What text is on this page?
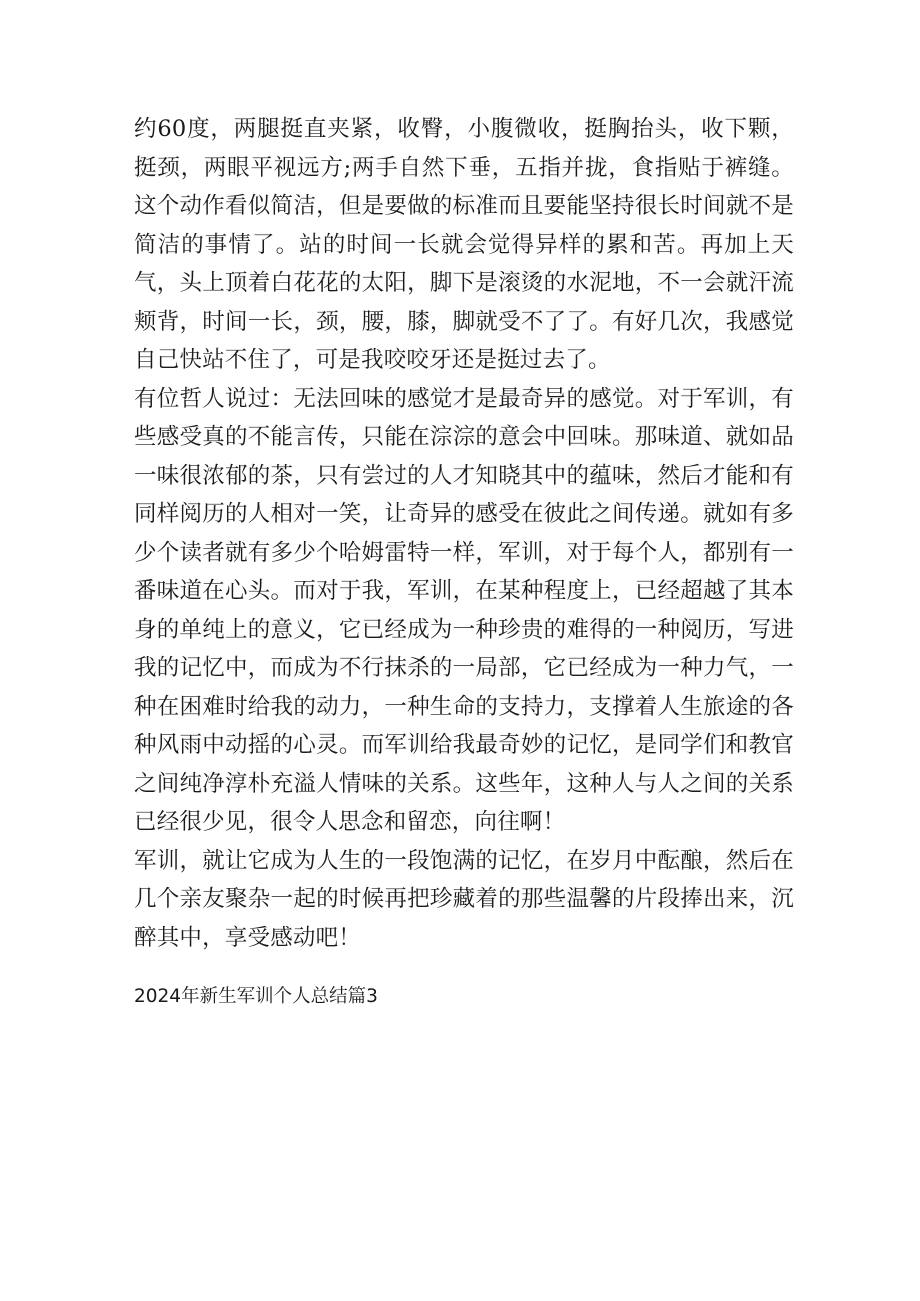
约60度，两腿挺直夹紧，收臀，小腹微收，挺胸抬头，收下颗，挺颈，两眼平视远方;两手自然下垂，五指并拢，食指贴于裤缝。这个动作看似简洁，但是要做的标准而且要能坚持很长时间就不是简洁的事情了。站的时间一长就会觉得异样的累和苦。再加上天气，头上顶着白花花的太阳，脚下是滚烫的水泥地，不一会就汗流颊背，时间一长，颈，腰，膝，脚就受不了了。有好几次，我感觉自己快站不住了，可是我咬咬牙还是挺过去了。

有位哲人说过：无法回味的感觉才是最奇异的感觉。对于军训，有些感受真的不能言传，只能在淙淙的意会中回味。那味道、就如品一味很浓郁的茶，只有尝过的人才知晓其中的蕴味，然后才能和有同样阅历的人相对一笑，让奇异的感受在彼此之间传递。就如有多少个读者就有多少个哈姆雷特一样，军训，对于每个人，都别有一番味道在心头。而对于我，军训，在某种程度上，已经超越了其本身的单纯上的意义，它已经成为一种珍贵的难得的一种阅历，写进我的记忆中，而成为不行抹杀的一局部，它已经成为一种力气，一种在困难时给我的动力，一种生命的支持力，支撑着人生旅途的各种风雨中动摇的心灵。而军训给我最奇妙的记忆，是同学们和教官之间纯净淳朴充溢人情味的关系。这些年，这种人与人之间的关系已经很少见，很令人思念和留恋，向往啊！

军训，就让它成为人生的一段饱满的记忆，在岁月中酝酿，然后在几个亲友聚杂一起的时候再把珍藏着的那些温馨的片段捧出来，沉醉其中，享受感动吧！

2024年新生军训个人总结篇3
